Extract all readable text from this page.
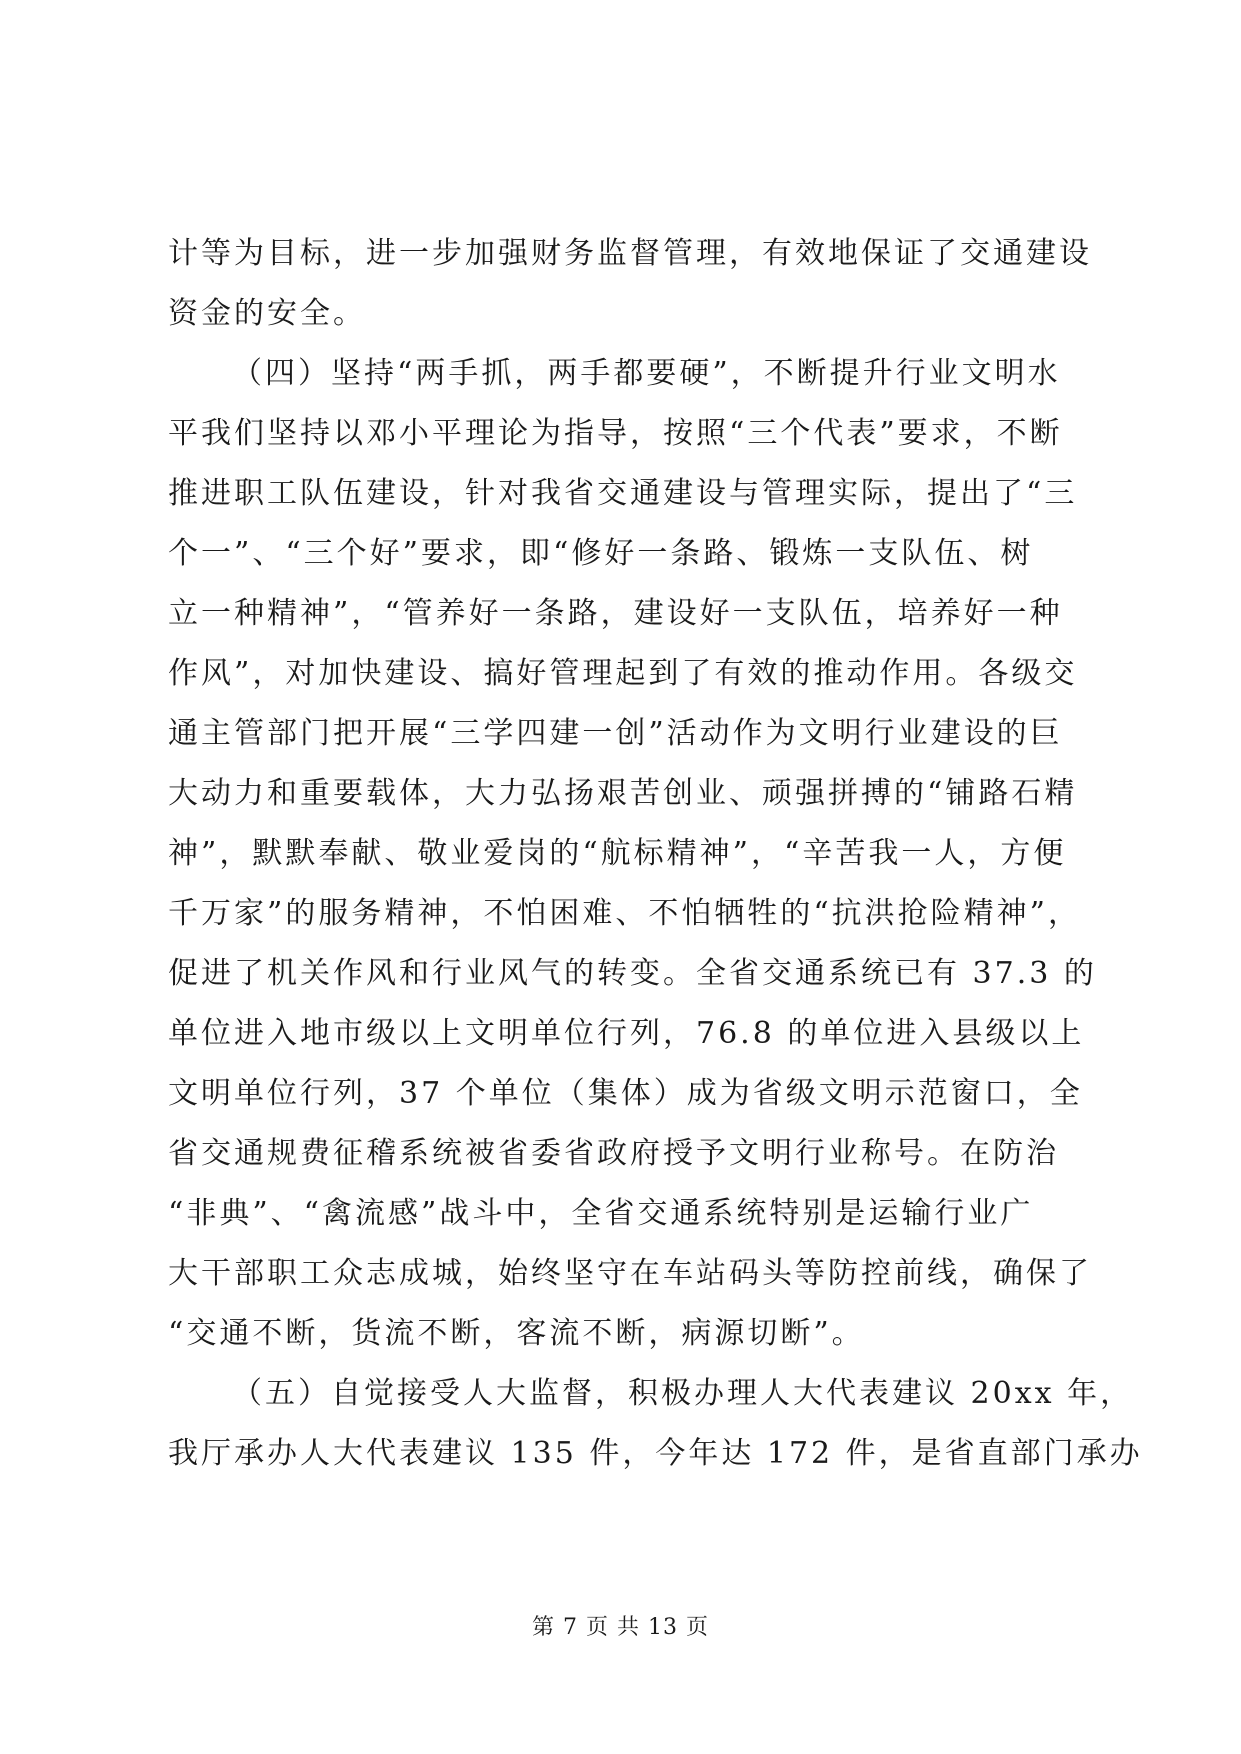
计等为目标，进一步加强财务监督管理，有效地保证了交通建设
资金的安全。
（四）坚持“两手抓，两手都要硬”，不断提升行业文明水
平我们坚持以邓小平理论为指导，按照“三个代表”要求，不断
推进职工队伍建设，针对我省交通建设与管理实际，提出了“三
个一”、“三个好”要求，即“修好一条路、锻炼一支队伍、树
立一种精神”，“管养好一条路，建设好一支队伍，培养好一种
作风”，对加快建设、搞好管理起到了有效的推动作用。各级交
通主管部门把开展“三学四建一创”活动作为文明行业建设的巨
大动力和重要载体，大力弘扬艰苦创业、顽强拼搏的“铺路石精
神”，默默奉献、敬业爱岗的“航标精神”，“辛苦我一人，方便
千万家”的服务精神，不怕困难、不怕牺牲的“抗洪抢险精神”，
促进了机关作风和行业风气的转变。全省交通系统已有 37.3 的
单位进入地市级以上文明单位行列，76.8 的单位进入县级以上
文明单位行列，37 个单位（集体）成为省级文明示范窗口，全
省交通规费征稽系统被省委省政府授予文明行业称号。在防治
“非典”、“禽流感”战斗中，全省交通系统特别是运输行业广
大干部职工众志成城，始终坚守在车站码头等防控前线，确保了
“交通不断，货流不断，客流不断，病源切断”。
（五）自觉接受人大监督，积极办理人大代表建议 20xx 年，
我厅承办人大代表建议 135 件，今年达 172 件，是省直部门承办
第 7 页 共 13 页
